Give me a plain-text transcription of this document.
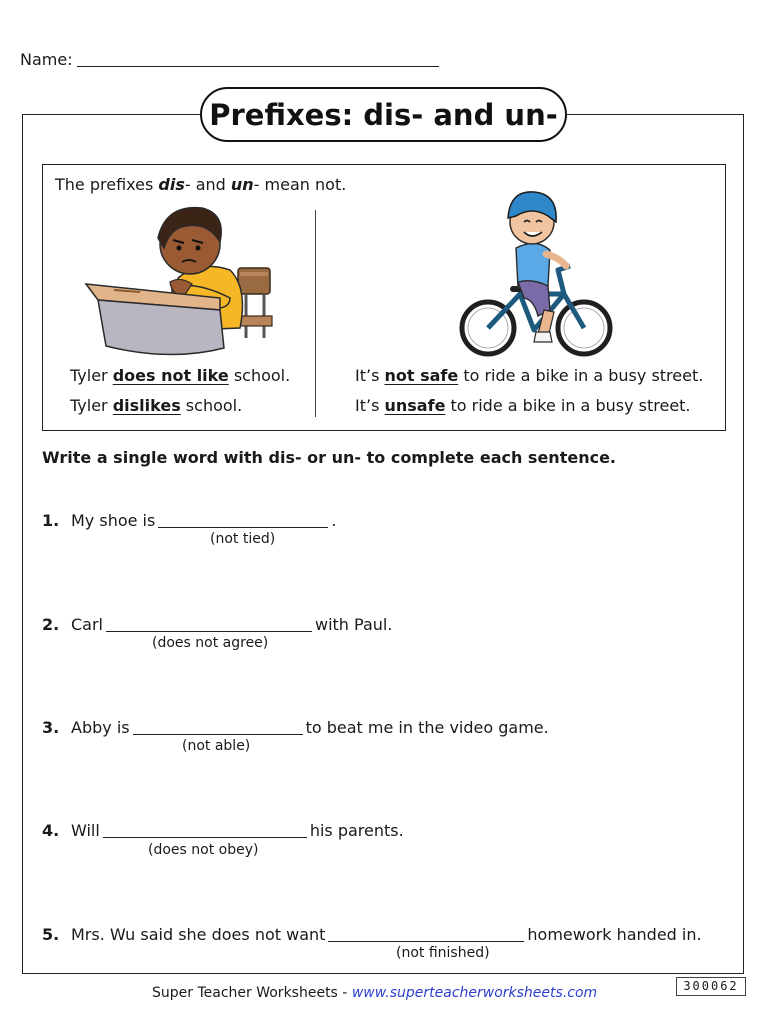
Name:
Prefixes: dis- and un-
The prefixes dis- and un- mean not.
Tyler does not like school.
Tyler dislikes school.
It’s not safe to ride a bike in a busy street.
It’s unsafe to ride a bike in a busy street.
Write a single word with dis- or un- to complete each sentence.
1. My shoe is	.
(not tied)
2. Carl	with Paul.
(does not agree)
3. Abby is	to beat me in the video game.
(not able)
4. Will	his parents.
(does not obey)
5. Mrs. Wu said she does not want	homework handed in.
(not finished)
Super Teacher Worksheets - www.superteacherworksheets.com	300062
